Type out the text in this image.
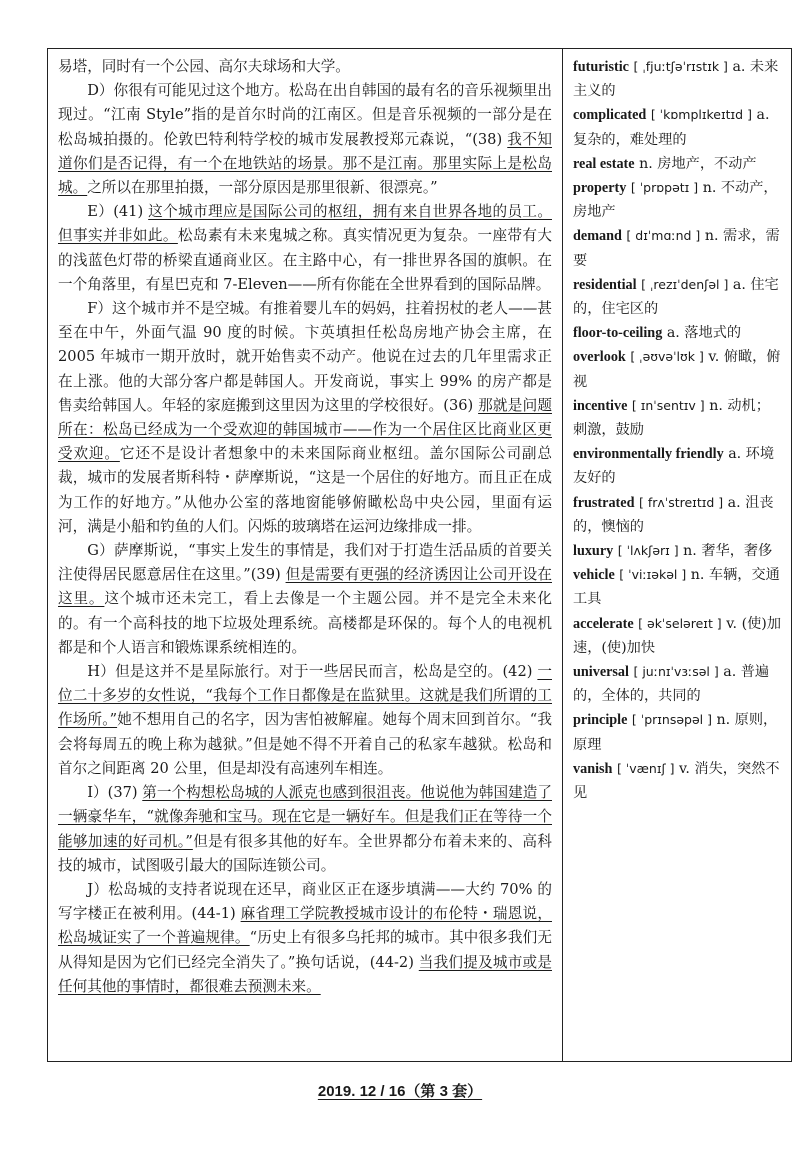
易塔，同时有一个公园、高尔夫球场和大学。

D）你很有可能见过这个地方。松岛在出自韩国的最有名的音乐视频里出现过。“江南 Style”指的是首尔时尚的江南区。但是音乐视频的一部分是在松岛城拍摄的。伦敦巴特利特学校的城市发展教授郑元森说，“(38) 我不知道你们是否记得，有一个在地铁站的场景。那不是江南。那里实际上是松岛城。之所以在那里拍摄，一部分原因是那里很新、很漂亮。”

E）(41) 这个城市理应是国际公司的枢纽，拥有来自世界各地的员工。但事实并非如此。松岛素有未来鬼城之称。真实情况更为复杂。一座带有大的浅蓝色灯带的桥梁直通商业区。在主路中心，有一排世界各国的旗帜。在一个角落里，有星巴克和 7-Eleven——所有你能在全世界看到的国际品牌。

F）这个城市并不是空城。有推着婴儿车的妈妈，拄着拐杖的老人——甚至在中午，外面气温 90 度的时候。卞英填担任松岛房地产协会主席，在 2005 年城市一期开放时，就开始售卖不动产。他说在过去的几年里需求正在上涨。他的大部分客户都是韩国人。开发商说，事实上 99% 的房产都是售卖给韩国人。年轻的家庭搬到这里因为这里的学校很好。(36) 那就是问题所在：松岛已经成为一个受欢迎的韩国城市——作为一个居住区比商业区更受欢迎。它还不是设计者想象中的未来国际商业枢纽。盖尔国际公司副总裁，城市的发展者斯科特・萨摩斯说，“这是一个居住的好地方。而且正在成为工作的好地方。”从他办公室的落地窗能够俯瞰松岛中央公园，里面有运河，满是小船和钓鱼的人们。闪烁的玻璃塔在运河边缘排成一排。

G）萨摩斯说，“事实上发生的事情是，我们对于打造生活品质的首要关注使得居民愿意居住在这里。”(39) 但是需要有更强的经济诱因让公司开设在这里。这个城市还未完工，看上去像是一个主题公园。并不是完全未来化的。有一个高科技的地下垃圾处理系统。高楼都是环保的。每个人的电视机都是和个人语言和锻炼课系统相连的。

H）但是这并不是星际旅行。对于一些居民而言，松岛是空的。(42) 一位二十多岁的女性说，“我每个工作日都像是在监狱里。这就是我们所谓的工作场所。”她不想用自己的名字，因为害怕被解雇。她每个周末回到首尔。“我会将每周五的晚上称为越狱。”但是她不得不开着自己的私家车越狱。松岛和首尔之间距离 20 公里，但是却没有高速列车相连。

I）(37) 第一个构想松岛城的人派克也感到很沮丧。他说他为韩国建造了一辆豪华车，“就像奔驰和宝马。现在它是一辆好车。但是我们正在等待一个能够加速的好司机。”但是有很多其他的好车。全世界都分布着未来的、高科技的城市，试图吸引最大的国际连锁公司。

J）松岛城的支持者说现在还早，商业区正在逐步填满——大约 70% 的写字楼正在被利用。(44-1) 麻省理工学院教授城市设计的布伦特・瑞恩说，松岛城证实了一个普遍规律。“历史上有很多乌托邦的城市。其中很多我们无从得知是因为它们已经完全消失了。”换句话说，(44-2) 当我们提及城市或是任何其他的事情时，都很难去预测未来。

futuristic [ ˌfjuːtʃəˈrɪstɪk ] a. 未来主义的
complicated [ ˈkɒmplɪkeɪtɪd ] a. 复杂的，难处理的
real estate n. 房地产，不动产
property [ ˈprɒpətɪ ] n. 不动产，房地产
demand [ dɪˈmɑːnd ] n. 需求，需要
residential [ ˌrezɪˈdenʃəl ] a. 住宅的，住宅区的
floor-to-ceiling a. 落地式的
overlook [ ˌəʊvəˈlʊk ] v. 俯瞰，俯视
incentive [ ɪnˈsentɪv ] n. 动机；刺激，鼓励
environmentally friendly a. 环境友好的
frustrated [ frʌˈstreɪtɪd ] a. 沮丧的，懊恼的
luxury [ ˈlʌkʃərɪ ] n. 奢华，奢侈
vehicle [ ˈviːɪəkəl ] n. 车辆，交通工具
accelerate [ əkˈseləreɪt ] v. (使)加速，(使)加快
universal [ juːnɪˈvɜːsəl ] a. 普遍的，全体的，共同的
principle [ ˈprɪnsəpəl ] n. 原则，原理
vanish [ ˈvænɪʃ ] v. 消失，突然不见
2019. 12 / 16（第 3 套）
